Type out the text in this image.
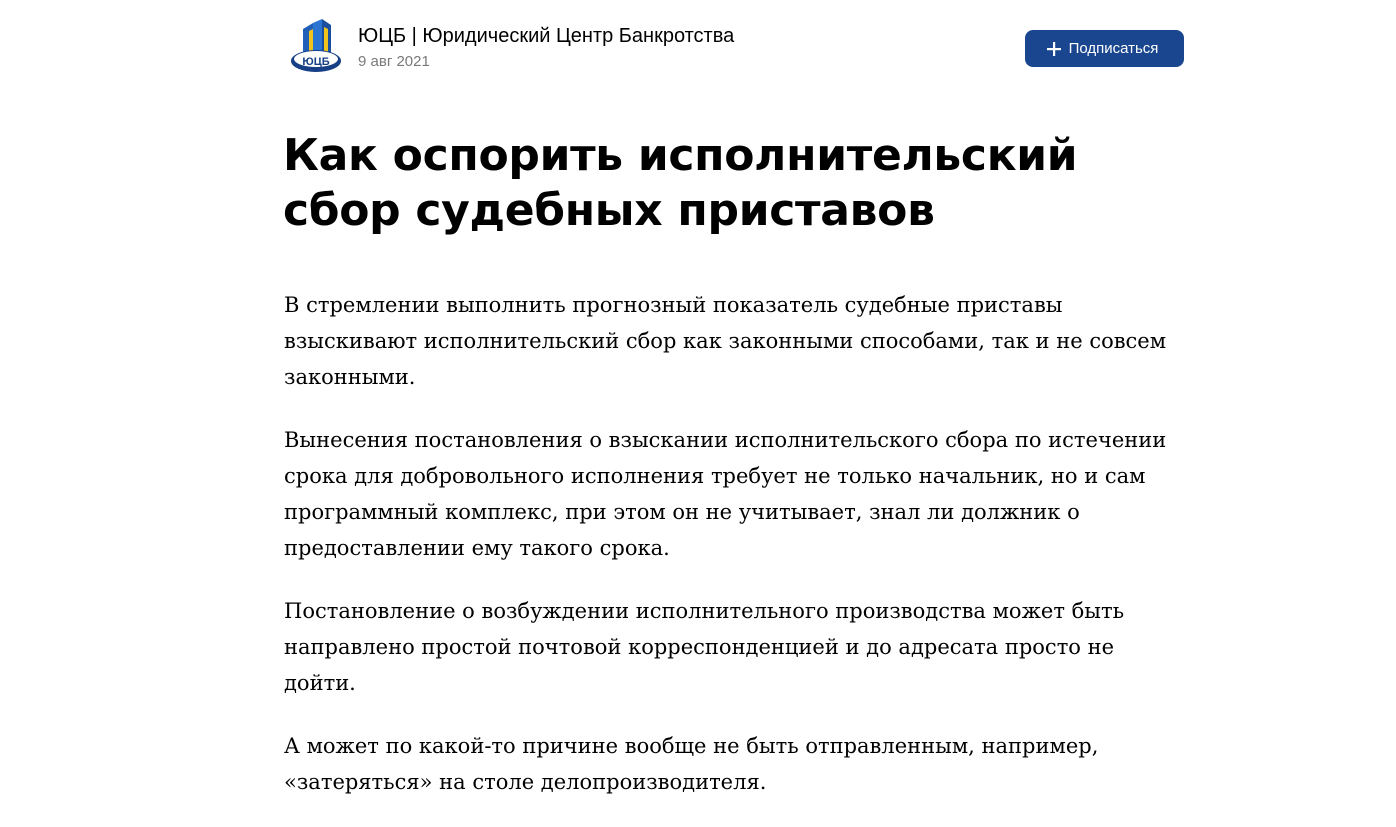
ЮЦБ
ЮЦБ | Юридический Центр Банкротства
9 авг 2021
Подписаться
Как оспорить исполнительский сбор судебных приставов

В стремлении выполнить прогнозный показатель судебные приставы взыскивают исполнительский сбор как законными способами, так и не совсем законными.

Вынесения постановления о взыскании исполнительского сбора по истечении срока для добровольного исполнения требует не только начальник, но и сам программный комплекс, при этом он не учитывает, знал ли должник о предоставлении ему такого срока.

Постановление о возбуждении исполнительного производства может быть направлено простой почтовой корреспонденцией и до адресата просто не дойти.

А может по какой-то причине вообще не быть отправленным, например, «затеряться» на столе делопроизводителя.
